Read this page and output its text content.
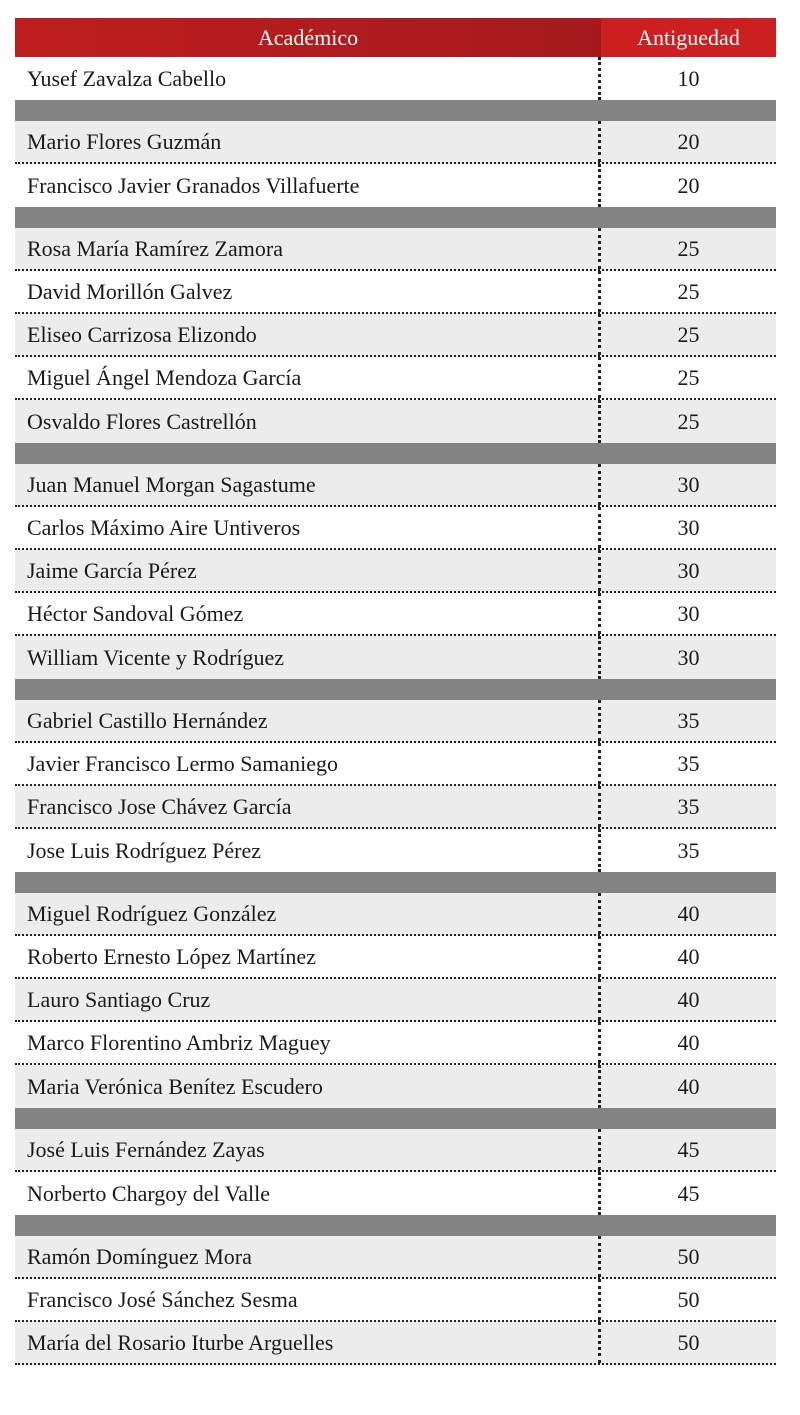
Académico	Antiguedad
Yusef Zavalza Cabello	10
Mario Flores Guzmán	20
Francisco Javier Granados Villafuerte	20
Rosa María Ramírez Zamora	25
David Morillón Galvez	25
Eliseo Carrizosa Elizondo	25
Miguel Ángel Mendoza García	25
Osvaldo Flores Castrellón	25
Juan Manuel Morgan Sagastume	30
Carlos Máximo Aire Untiveros	30
Jaime García Pérez	30
Héctor Sandoval Gómez	30
William Vicente y Rodríguez	30
Gabriel Castillo Hernández	35
Javier Francisco Lermo Samaniego	35
Francisco Jose Chávez García	35
Jose Luis Rodríguez Pérez	35
Miguel Rodríguez González	40
Roberto Ernesto López Martínez	40
Lauro Santiago Cruz	40
Marco Florentino Ambriz Maguey	40
Maria Verónica Benítez Escudero	40
José Luis Fernández Zayas	45
Norberto Chargoy del Valle	45
Ramón Domínguez Mora	50
Francisco José Sánchez Sesma	50
María del Rosario Iturbe Arguelles	50
